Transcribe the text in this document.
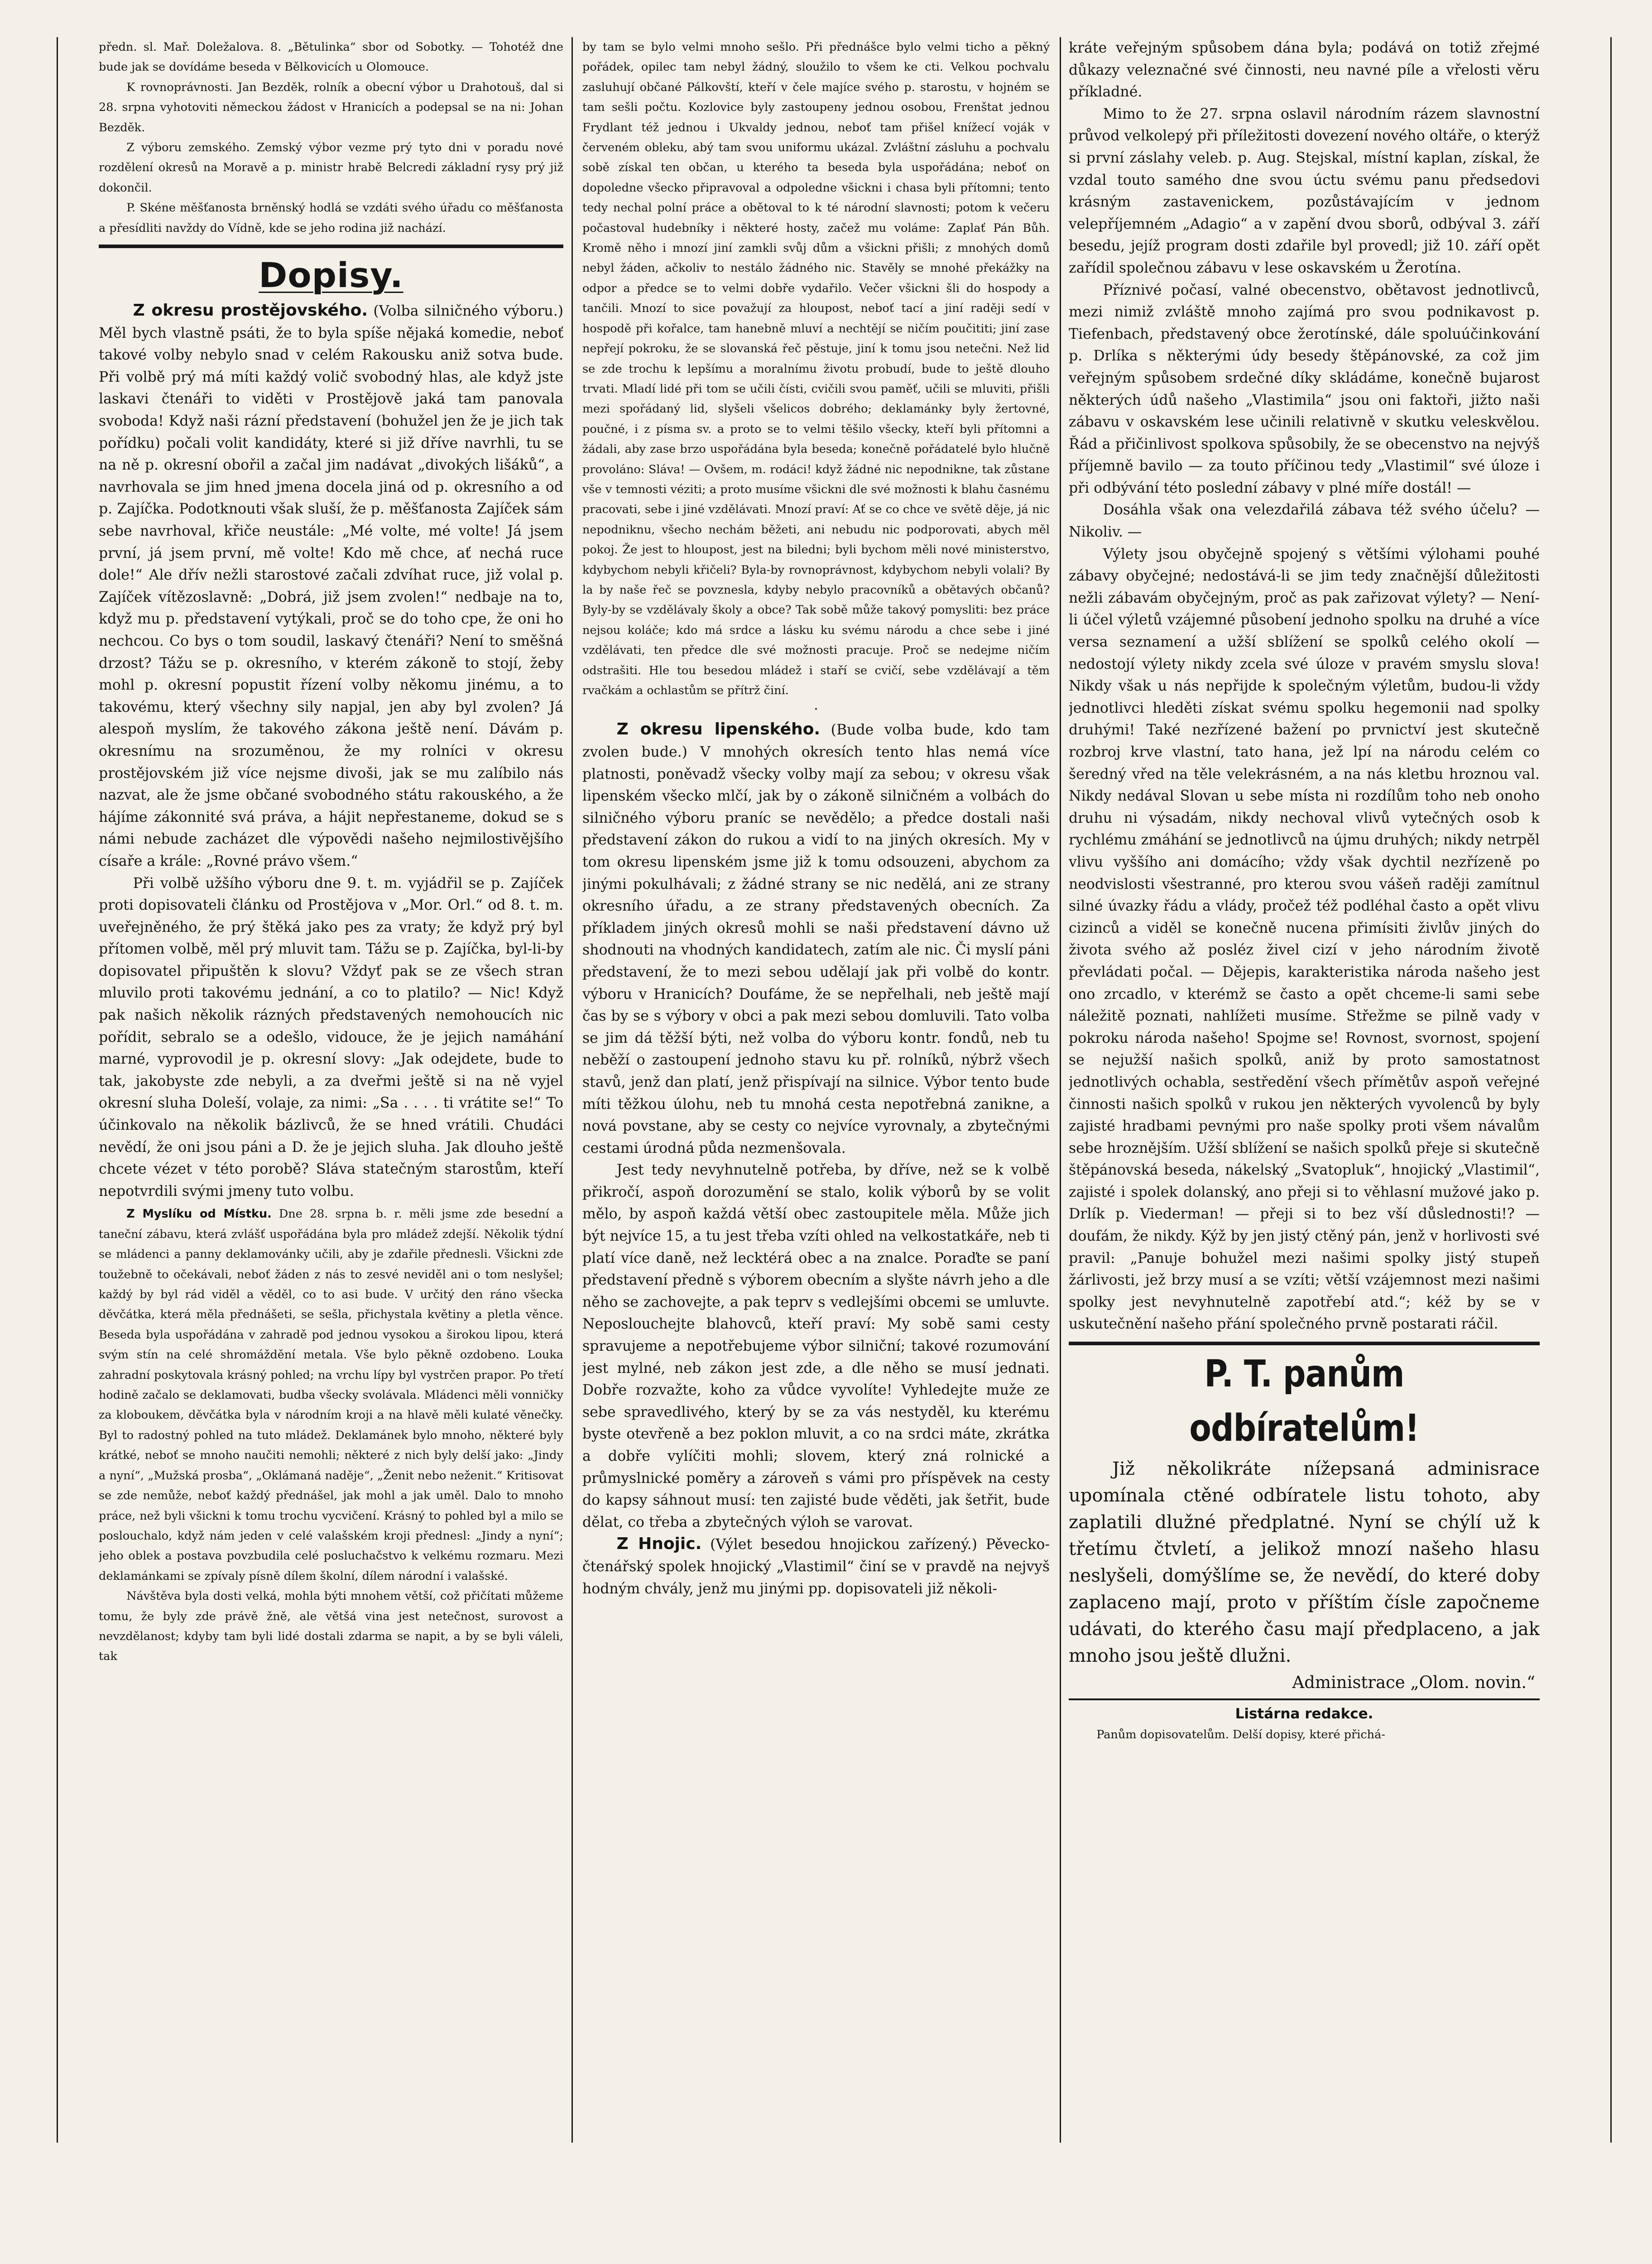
předn. sl. Mař. Doležalova. 8. „Bětulinka“ sbor od Sobotky. — Tohotéž dne bude jak se dovídáme beseda v Bělkovicích u Olomouce.

K rovnoprávnosti. Jan Bezděk, rolník a obecní výbor u Drahotouš, dal si 28. srpna vyhotoviti německou žádost v Hranicích a podepsal se na ni: Johan Bezděk.

Z výboru zemského. Zemský výbor vezme prý tyto dni v poradu nové rozdělení okresů na Moravě a p. ministr hrabě Belcredi základní rysy prý již dokončil.

P. Skéne měšťanosta brněnský hodlá se vzdáti svého úřadu co měšťanosta a přesídliti navždy do Vídně, kde se jeho rodina již nachází.

Dopisy.

Z okresu prostějovského. (Volba silničného výboru.) Měl bych vlastně psáti, že to byla spíše nějaká komedie, neboť takové volby nebylo snad v celém Rakousku aniž sotva bude. Při volbě prý má míti každý volič svobodný hlas, ale když jste laskavi čtenáři to viděti v Prostějově jaká tam panovala svoboda! Když naši rázní představení (bohužel jen že je jich tak pořídku) počali volit kandidáty, které si již dříve navrhli, tu se na ně p. okresní obořil a začal jim nadávat „divokých lišáků“, a navrhovala se jim hned jmena docela jiná od p. okresního a od p. Zajíčka. Podotknouti však sluší, že p. měšťanosta Zajíček sám sebe navrhoval, křiče neustále: „Mé volte, mé volte! Já jsem první, já jsem první, mě volte! Kdo mě chce, ať nechá ruce dole!“ Ale dřív nežli starostové začali zdvíhat ruce, již volal p. Zajíček vítězoslavně: „Dobrá, již jsem zvolen!“ nedbaje na to, když mu p. představení vytýkali, proč se do toho cpe, že oni ho nechcou. Co bys o tom soudil, laskavý čtenáři? Není to směšná drzost? Tážu se p. okresního, v kterém zákoně to stojí, žeby mohl p. okresní popustit řízení volby někomu jinému, a to takovému, který všechny sily napjal, jen aby byl zvolen? Já alespoň myslím, že takového zákona ještě není. Dávám p. okresnímu na srozuměnou, že my rolníci v okresu prostějovském již více nejsme divoši, jak se mu zalíbilo nás nazvat, ale že jsme občané svobodného státu rakouského, a že hájíme zákonnité svá práva, a hájit nepřestaneme, dokud se s námi nebude zacházet dle výpovědi našeho nejmilostivějšího císaře a krále: „Rovné právo všem.“

Při volbě užšího výboru dne 9. t. m. vyjádřil se p. Zajíček proti dopisovateli článku od Prostějova v „Mor. Orl.“ od 8. t. m. uveřejněného, že prý štěká jako pes za vraty; že když prý byl přítomen volbě, měl prý mluvit tam. Tážu se p. Zajíčka, byl-li-by dopisovatel připuštěn k slovu? Vždyť pak se ze všech stran mluvilo proti takovému jednání, a co to platilo? — Nic! Když pak našich několik rázných představených nemohoucích nic pořídit, sebralo se a odešlo, vidouce, že je jejich namáhání marné, vyprovodil je p. okresní slovy: „Jak odejdete, bude to tak, jakobyste zde nebyli, a za dveřmi ještě si na ně vyjel okresní sluha Doleší, volaje, za nimi: „Sa . . . . ti vrátite se!“ To účinkovalo na několik bázlivců, že se hned vrátili. Chudáci nevědí, že oni jsou páni a D. že je jejich sluha. Jak dlouho ještě chcete vézet v této porobě? Sláva statečným starostům, kteří nepotvrdili svými jmeny tuto volbu.

Z Myslíku od Místku. Dne 28. srpna b. r. měli jsme zde besední a taneční zábavu, která zvlášť uspořádána byla pro mládež zdejší. Několik týdní se mládenci a panny deklamovánky učili, aby je zdařile přednesli. Všickni zde toužebně to očekávali, neboť žáden z nás to zesvé neviděl ani o tom neslyšel; každý by byl rád viděl a věděl, co to asi bude. V určitý den ráno všecka děvčátka, která měla přednášeti, se sešla, přichystala květiny a pletla věnce. Beseda byla uspořádána v zahradě pod jednou vysokou a širokou lipou, která svým stín na celé shromáždění metala. Vše bylo pěkně ozdobeno. Louka zahradní poskytovala krásný pohled; na vrchu lípy byl vystrčen prapor. Po třetí hodině začalo se deklamovati, budba všecky svolávala. Mládenci měli vonničky za kloboukem, děvčátka byla v národním kroji a na hlavě měli kulaté věnečky. Byl to radostný pohled na tuto mládež. Deklamánek bylo mnoho, některé byly krátké, neboť se mnoho naučiti nemohli; některé z nich byly delší jako: „Jindy a nyní“, „Mužská prosba“, „Oklámaná naděje“, „Ženit nebo neženit.“ Kritisovat se zde nemůže, neboť každý přednášel, jak mohl a jak uměl. Dalo to mnoho práce, než byli všickni k tomu trochu vycvičení. Krásný to pohled byl a milo se poslouchalo, když nám jeden v celé valašském kroji přednesl: „Jindy a nyní“; jeho oblek a postava povzbudila celé posluchačstvo k velkému rozmaru. Mezi deklamánkami se zpívaly písně dílem školní, dílem národní i valašské.

Návštěva byla dosti velká, mohla býti mnohem větší, což přičítati můžeme tomu, že byly zde právě žně, ale většá vina jest netečnost, surovost a nevzdělanost; kdyby tam byli lidé dostali zdarma se napit, a by se byli váleli, tak

by tam se bylo velmi mnoho sešlo. Při přednášce bylo velmi ticho a pěkný pořádek, opilec tam nebyl žádný, sloužilo to všem ke cti. Velkou pochvalu zasluhují občané Pálkovští, kteří v čele majíce svého p. starostu, v hojném se tam sešli počtu. Kozlovice byly zastoupeny jednou osobou, Frenštat jednou Frydlant též jednou i Ukvaldy jednou, neboť tam přišel knížecí voják v červeném obleku, abý tam svou uniformu ukázal. Zvláštní zásluhu a pochvalu sobě získal ten občan, u kterého ta beseda byla uspořádána; neboť on dopoledne všecko připravoval a odpoledne všickni i chasa byli přítomni; tento tedy nechal polní práce a obětoval to k té národní slavnosti; potom k večeru počastoval hudebníky i některé hosty, začež mu voláme: Zaplať Pán Bůh. Kromě něho i mnozí jiní zamkli svůj dům a všickni přišli; z mnohých domů nebyl žáden, ačkoliv to nestálo žádného nic. Stavěly se mnohé překážky na odpor a předce se to velmi dobře vydařilo. Večer všickni šli do hospody a tančili. Mnozí to sice považují za hloupost, neboť tací a jiní raději sedí v hospodě při kořalce, tam hanebně mluví a nechtějí se ničím poučititi; jiní zase nepřejí pokroku, že se slovanská řeč pěstuje, jiní k tomu jsou netečni. Než lid se zde trochu k lepšímu a moralnímu životu probudí, bude to ještě dlouho trvati. Mladí lidé při tom se učili čísti, cvičili svou paměť, učili se mluviti, přišli mezi spořádaný lid, slyšeli všelicos dobrého; deklamánky byly žertovné, poučné, i z písma sv. a proto se to velmi těšilo všecky, kteří byli přítomni a žádali, aby zase brzo uspořádána byla beseda; konečně pořádatelé bylo hlučně provoláno: Sláva! — Ovšem, m. rodáci! když žádné nic nepodnikne, tak zůstane vše v temnosti véziti; a proto musíme všickni dle své možnosti k blahu časnému pracovati, sebe i jiné vzdělávati. Mnozí praví: Ať se co chce ve světě děje, já nic nepodniknu, všecho nechám běžeti, ani nebudu nic podporovati, abych měl pokoj. Že jest to hloupost, jest na biledni; byli bychom měli nové ministerstvo, kdybychom nebyli křičeli? Byla-by rovnoprávnost, kdybychom nebyli volali? By la by naše řeč se povznesla, kdyby nebylo pracovníků a obětavých občanů? Byly-by se vzdělávaly školy a obce? Tak sobě může takový pomysliti: bez práce nejsou koláče; kdo má srdce a lásku ku svému národu a chce sebe i jiné vzdělávati, ten předce dle své možnosti pracuje. Proč se nedejme ničím odstrašiti. Hle tou besedou mládež i staří se cvičí, sebe vzdělávají a těm rvačkám a ochlastům se přítrž činí.

·

Z okresu lipenského. (Bude volba bude, kdo tam zvolen bude.) V mnohých okresích tento hlas nemá více platnosti, poněvadž všecky volby mají za sebou; v okresu však lipenském všecko mlčí, jak by o zákoně silničném a volbách do silničného výboru praníc se nevědělo; a předce dostali naši představení zákon do rukou a vidí to na jiných okresích. My v tom okresu lipenském jsme již k tomu odsouzeni, abychom za jinými pokulhávali; z žádné strany se nic nedělá, ani ze strany okresního úřadu, a ze strany představených obecních. Za příkladem jiných okresů mohli se naši představení dávno už shodnouti na vhodných kandidatech, zatím ale nic. Či myslí páni představení, že to mezi sebou udělají jak při volbě do kontr. výboru v Hranicích? Doufáme, že se nepřelhali, neb ještě mají čas by se s výbory v obci a pak mezi sebou domluvili. Tato volba se jim dá těžší býti, než volba do výboru kontr. fondů, neb tu neběží o zastoupení jednoho stavu ku př. rolníků, nýbrž všech stavů, jenž dan platí, jenž přispívají na silnice. Výbor tento bude míti těžkou úlohu, neb tu mnohá cesta nepotřebná zanikne, a nová povstane, aby se cesty co nejvíce vyrovnaly, a zbytečnými cestami úrodná půda nezmenšovala.

Jest tedy nevyhnutelně potřeba, by dříve, než se k volbě přikročí, aspoň dorozumění se stalo, kolik výborů by se volit mělo, by aspoň každá větší obec zastoupitele měla. Může jich být nejvíce 15, a tu jest třeba vzíti ohled na velkostatkáře, neb ti platí více daně, než lecktérá obec a na znalce. Poraďte se paní představení předně s výborem obecním a slyšte návrh jeho a dle něho se zachovejte, a pak teprv s vedlejšími obcemi se umluvte. Neposlouchejte blahovců, kteří praví: My sobě sami cesty spravujeme a nepotřebujeme výbor silniční; takové rozumování jest mylné, neb zákon jest zde, a dle něho se musí jednati. Dobře rozvažte, koho za vůdce vyvolíte! Vyhledejte muže ze sebe spravedlivého, který by se za vás nestyděl, ku kterému byste otevřeně a bez poklon mluvit, a co na srdci máte, zkrátka a dobře vylíčiti mohli; slovem, který zná rolnické a průmyslnické poměry a zároveň s vámi pro příspěvek na cesty do kapsy sáhnout musí: ten zajisté bude věděti, jak šetřit, bude dělat, co třeba a zbytečných výloh se varovat.

Z Hnojic. (Výlet besedou hnojickou zařízený.) Pěvecko-čtenářský spolek hnojický „Vlastimil“ činí se v pravdě na nejvyš hodným chvály, jenž mu jinými pp. dopisovateli již několi-

kráte veřejným spůsobem dána byla; podává on totiž zřejmé důkazy veleznačné své činnosti, neu navné píle a vřelosti věru příkladné.

Mimo to že 27. srpna oslavil národním rázem slavnostní průvod velkolepý při příležitosti dovezení nového oltáře, o kterýž si první záslahy veleb. p. Aug. Stejskal, místní kaplan, získal, že vzdal touto samého dne svou úctu svému panu předsedovi krásným zastavenickem, pozůstávajícím v jednom velepříjemném „Adagio“ a v zapění dvou sborů, odbýval 3. září besedu, jejíž program dosti zdařile byl provedl; již 10. září opět zařídil společnou zábavu v lese oskavském u Žerotína.

Příznivé počasí, valné obecenstvo, obětavost jednotlivců, mezi nimiž zvláště mnoho zajímá pro svou podnikavost p. Tiefenbach, představený obce žerotínské, dále spoluúčinkování p. Drlíka s některými údy besedy štěpánovské, za což jim veřejným spůsobem srdečné díky skládáme, konečně bujarost některých údů našeho „Vlastimila“ jsou oni faktoři, jižto naši zábavu v oskavském lese učinili relativně v skutku veleskvělou. Řád a přičinlivost spolkova spůsobily, že se obecenstvo na nejvýš příjemně bavilo — za touto příčinou tedy „Vlastimil“ své úloze i při odbývání této poslední zábavy v plné míře dostál! —

Dosáhla však ona velezdařilá zábava též svého účelu? — Nikoliv. —

Výlety jsou obyčejně spojený s většími výlohami pouhé zábavy obyčejné; nedostává-li se jim tedy značnější důležitosti nežli zábavám obyčejným, proč as pak zařizovat výlety? — Není-li účel výletů vzájemné působení jednoho spolku na druhé a více versa seznamení a užší sblížení se spolků celého okolí — nedostojí výlety nikdy zcela své úloze v pravém smyslu slova! Nikdy však u nás nepřijde k společným výletům, budou-li vždy jednotlivci hleděti získat svému spolku hegemonii nad spolky druhými! Také nezřízené bažení po prvnictví jest skutečně rozbroj krve vlastní, tato hana, jež lpí na národu celém co šeredný vřed na těle velekrásném, a na nás kletbu hroznou val. Nikdy nedával Slovan u sebe místa ni rozdílům toho neb onoho druhu ni výsadám, nikdy nechoval vlivů vytečných osob k rychlému zmáhání se jednotlivců na újmu druhých; nikdy netrpěl vlivu vyššího ani domácího; vždy však dychtil nezřízeně po neodvislosti všestranné, pro kterou svou vášeň raději zamítnul silné úvazky řádu a vlády, pročež též podléhal často a opět vlivu cizinců a viděl se konečně nucena přimísiti živlův jiných do života svého až posléz živel cizí v jeho národním životě převládati počal. — Dějepis, karakteristika národa našeho jest ono zrcadlo, v kterémž se často a opět chceme-li sami sebe náležitě poznati, nahlížeti musíme. Střežme se pilně vady v pokroku národa našeho! Spojme se! Rovnost, svornost, spojení se nejužší našich spolků, aniž by proto samostatnost jednotlivých ochabla, sestředění všech přímětův aspoň veřejné činnosti našich spolků v rukou jen některých vyvolenců by byly zajisté hradbami pevnými pro naše spolky proti všem návalům sebe hroznějším. Užší sblížení se našich spolků přeje si skutečně štěpánovská beseda, nákelský „Svatopluk“, hnojický „Vlastimil“, zajisté i spolek dolanský, ano přeji si to věhlasní mužové jako p. Drlík p. Viederman! — přeji si to bez vší důslednosti!? — doufám, že nikdy. Kýž by jen jistý ctěný pán, jenž v horlivosti své pravil: „Panuje bohužel mezi našimi spolky jistý stupeň žárlivosti, jež brzy musí a se vzíti; větší vzájemnost mezi našimi spolky jest nevyhnutelně zapotřebí atd.“; kéž by se v uskutečnění našeho přání společného prvně postarati ráčil.

P. T. panům odbíratelům!

Již několikráte nížepsaná adminisrace upomínala ctěné odbíratele listu tohoto, aby zaplatili dlužné předplatné. Nyní se chýlí už k třetímu čtvletí, a jelikož mnozí našeho hlasu neslyšeli, domýšlíme se, že nevědí, do které doby zaplaceno mají, proto v příštím čísle započneme udávati, do kterého času mají předplaceno, a jak mnoho jsou ještě dlužni.

Administrace „Olom. novin.“
Listárna redakce.

Panům dopisovatelům. Delší dopisy, které přichá-
